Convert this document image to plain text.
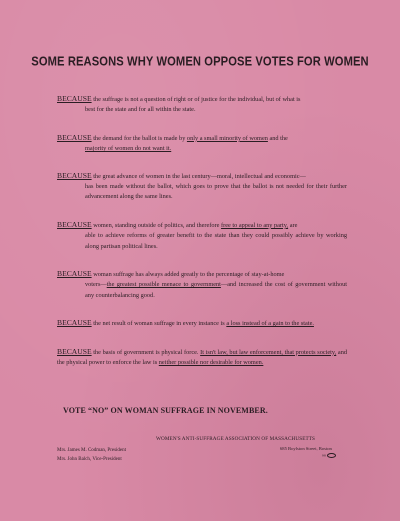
SOME REASONS WHY WOMEN OPPOSE VOTES FOR WOMEN
BECAUSE the suffrage is not a question of right or of justice for the individual, but of what is
best for the state and for all within the state.
BECAUSE the demand for the ballot is made by only a small minority of women and the
majority of women do not want it.
BECAUSE the great advance of women in the last century—moral, intellectual and economic—
has been made without the ballot, which goes to prove that the ballot is not needed for their further advancement along the same lines.
BECAUSE women, standing outside of politics, and therefore free to appeal to any party, are
able to achieve reforms of greater benefit to the state than they could possibly achieve by working along partisan political lines.
BECAUSE woman suffrage has always added greatly to the percentage of stay-at-home
voters—the greatest possible menace to government—and increased the cost of government without any counterbalancing good.
BECAUSE the net result of woman suffrage in every instance is a loss instead of a gain to the state.
BECAUSE the basis of government is physical force. It isn't law, but law enforcement, that protects society, and the physical power to enforce the law is neither possible nor desirable for women.
VOTE “NO” ON WOMAN SUFFRAGE IN NOVEMBER.
WOMEN'S ANTI-SUFFRAGE ASSOCIATION OF MASSACHUSETTS
Mrs. James M. Codman, President
Mrs. John Balch, Vice-President
685 Boylston Street, Boston
98
